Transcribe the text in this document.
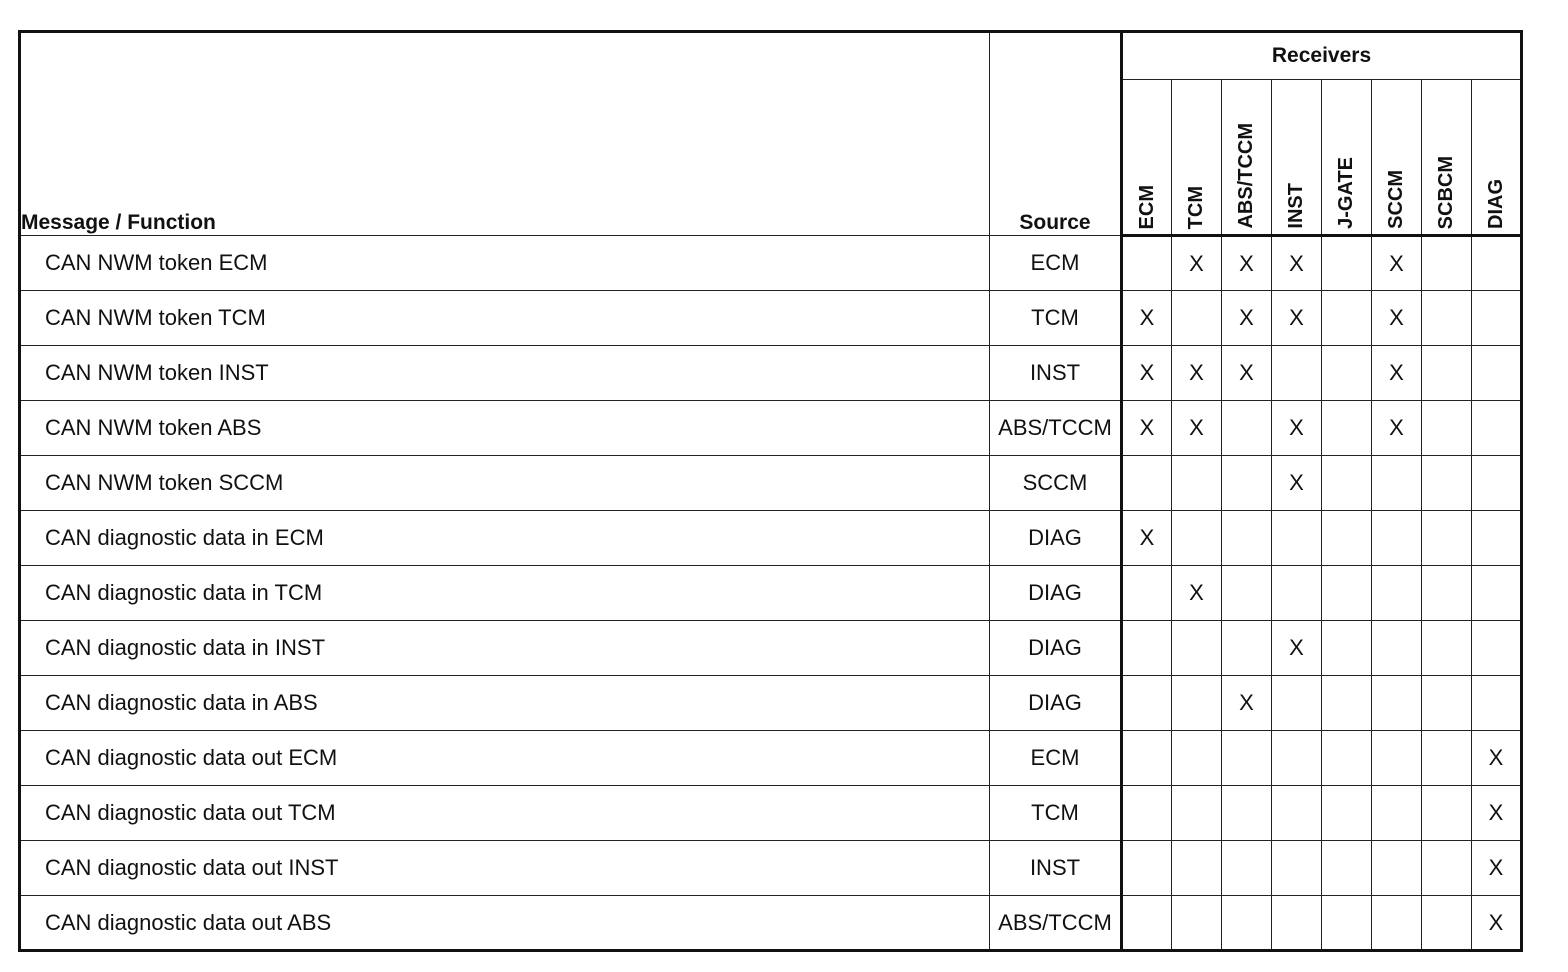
Message / Function	Source	Receivers							
		ECM	TCM	ABS/TCCM	INST	J-GATE	SCCM	SCBCM	DIAG
CAN NWM token ECM	ECM		X	X	X		X		
CAN NWM token TCM	TCM	X		X	X		X		
CAN NWM token INST	INST	X	X	X			X		
CAN NWM token ABS	ABS/TCCM	X	X		X		X		
CAN NWM token SCCM	SCCM				X				
CAN diagnostic data in ECM	DIAG	X							
CAN diagnostic data in TCM	DIAG		X						
CAN diagnostic data in INST	DIAG				X				
CAN diagnostic data in ABS	DIAG			X					
CAN diagnostic data out ECM	ECM								X
CAN diagnostic data out TCM	TCM								X
CAN diagnostic data out INST	INST								X
CAN diagnostic data out ABS	ABS/TCCM								X
